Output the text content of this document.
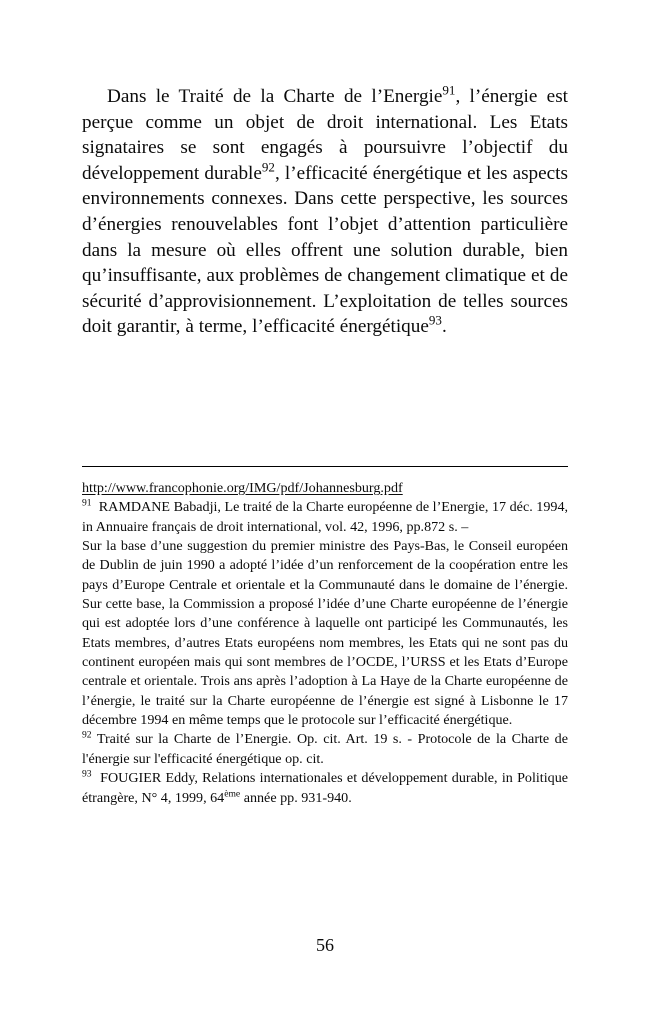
Dans le Traité de la Charte de l’Energie$^{91}$, l’énergie est perçue comme un objet de droit international. Les Etats signataires se sont engagés à poursuivre l’objectif du développement durable$^{92}$, l’efficacité énergétique et les aspects environnements connexes. Dans cette perspective, les sources d’énergies renouvelables font l’objet d’attention particulière dans la mesure où elles offrent une solution durable, bien qu’insuffisante, aux problèmes de changement climatique et de sécurité d’approvisionnement. L’exploitation de telles sources doit garantir, à terme, l’efficacité énergétique$^{93}$.

http://www.francophonie.org/IMG/pdf/Johannesburg.pdf

$^{91}$ RAMDANE Babadji, Le traité de la Charte européenne de l’Energie, 17 déc. 1994, in Annuaire français de droit international, vol. 42, 1996, pp.872 s. –

Sur la base d’une suggestion du premier ministre des Pays-Bas, le Conseil européen de Dublin de juin 1990 a adopté l’idée d’un renforcement de la coopération entre les pays d’Europe Centrale et orientale et la Communauté dans le domaine de l’énergie. Sur cette base, la Commission a proposé l’idée d’une Charte européenne de l’énergie qui est adoptée lors d’une conférence à laquelle ont participé les Communautés, les Etats membres, d’autres Etats européens nom membres, les Etats qui ne sont pas du continent européen mais qui sont membres de l’OCDE, l’URSS et les Etats d’Europe centrale et orientale. Trois ans après l’adoption à La Haye de la Charte européenne de l’énergie, le traité sur la Charte européenne de l’énergie est signé à Lisbonne le 17 décembre 1994 en même temps que le protocole sur l’efficacité énergétique.

$^{92}$ Traité sur la Charte de l’Energie. Op. cit. Art. 19 s. - Protocole de la Charte de l'énergie sur l'efficacité énergétique op. cit.

$^{93}$ FOUGIER Eddy, Relations internationales et développement durable, in Politique étrangère, N° 4, 1999, 64ème année pp. 931-940.

56
